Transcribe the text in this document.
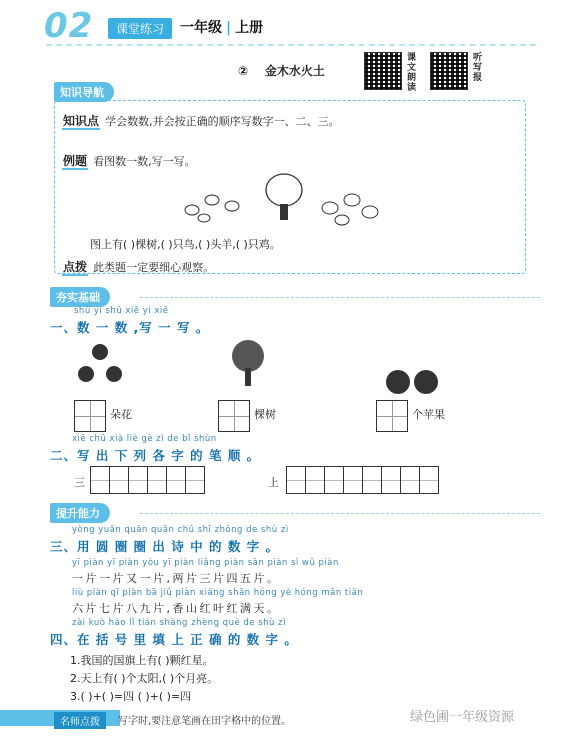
02	课堂练习	一年级 | 上册
② 金木水火土	课文朗读	听写报
知识导航
知识点 学会数数,并会按正确的顺序写数字一、二、三。
例题 看图数一数,写一写。
图上有( )棵树,( )只鸟,( )头羊,( )只鸡。
点拨 此类题一定要细心观察。
夯实基础
shǔ yi shǔ xiě yi xiě
一、数 一 数 ,写 一 写 。
朵花	棵树	个苹果
xiě chū xià liè gè zì de bǐ shùn
二、写 出 下 列 各 字 的 笔 顺 。
三	上
提升能力
yòng yuān quān quān chū shī zhōng de shù zì
三、用 圆 圈 圈 出 诗 中 的 数 字 。
yī piàn yī piàn yòu yī piàn liǎng piàn sān piàn sì wǔ piàn
一片一片又一片,两片三片四五片。
liù piàn qī piàn bā jiǔ piàn xiāng shān hóng yè hóng mǎn tiān
六片七片八九片,香山红叶红满天。
zài kuò hào lǐ tián shàng zhèng què de shù zì
四、在 括 号 里 填 上 正 确 的 数 字 。
1.我国的国旗上有( )颗红星。
2.天上有( )个太阳,( )个月亮。
3.( )+( )=四 ( )+( )=四
名师点拨	写字时,要注意笔画在田字格中的位置。	绿色圃一年级资源
